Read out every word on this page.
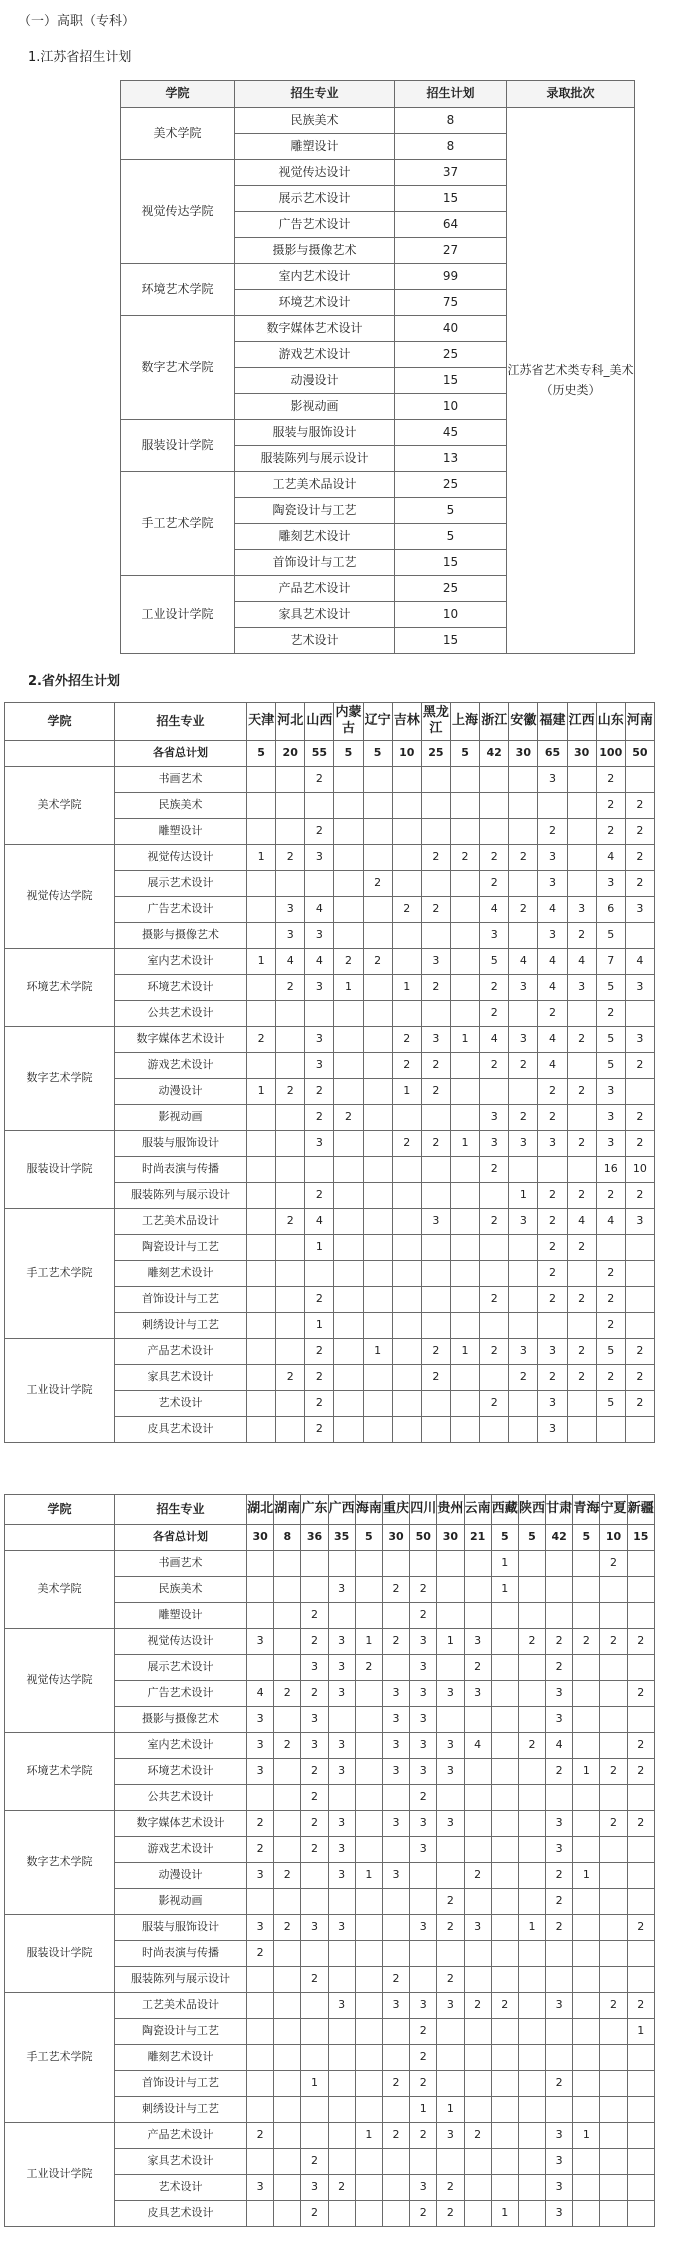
（一）高职（专科）
1.江苏省招生计划
学院	招生专业	招生计划	录取批次
美术学院	民族美术	8	江苏省艺术类专科_美术（历史类）
	雕塑设计	8	
视觉传达学院	视觉传达设计	37	
	展示艺术设计	15	
	广告艺术设计	64	
	摄影与摄像艺术	27	
环境艺术学院	室内艺术设计	99	
	环境艺术设计	75	
数字艺术学院	数字媒体艺术设计	40	
	游戏艺术设计	25	
	动漫设计	15	
	影视动画	10	
服装设计学院	服装与服饰设计	45	
	服装陈列与展示设计	13	
手工艺术学院	工艺美术品设计	25	
	陶瓷设计与工艺	5	
	雕刻艺术设计	5	
	首饰设计与工艺	15	
工业设计学院	产品艺术设计	25	
	家具艺术设计	10	
	艺术设计	15	
2.省外招生计划
学院	招生专业	天津	河北	山西	内蒙古	辽宁	吉林	黑龙江	上海	浙江	安徽	福建	江西	山东	河南
	各省总计划	5	20	55	5	5	10	25	5	42	30	65	30	100	50
美术学院	书画艺术			2								3		2	
	民族美术													2	2
	雕塑设计			2								2		2	2
视觉传达学院	视觉传达设计	1	2	3				2	2	2	2	3		4	2
	展示艺术设计					2				2		3		3	2
	广告艺术设计		3	4			2	2		4	2	4	3	6	3
	摄影与摄像艺术		3	3						3		3	2	5	
环境艺术学院	室内艺术设计	1	4	4	2	2		3		5	4	4	4	7	4
	环境艺术设计		2	3	1		1	2		2	3	4	3	5	3
	公共艺术设计									2		2		2	
数字艺术学院	数字媒体艺术设计	2		3			2	3	1	4	3	4	2	5	3
	游戏艺术设计			3			2	2		2	2	4		5	2
	动漫设计	1	2	2			1	2				2	2	3	
	影视动画			2	2					3	2	2		3	2
服装设计学院	服装与服饰设计			3			2	2	1	3	3	3	2	3	2
	时尚表演与传播									2				16	10
	服装陈列与展示设计			2							1	2	2	2	2
手工艺术学院	工艺美术品设计		2	4				3		2	3	2	4	4	3
	陶瓷设计与工艺			1								2	2		
	雕刻艺术设计											2		2	
	首饰设计与工艺			2						2		2	2	2	
	刺绣设计与工艺			1										2	
工业设计学院	产品艺术设计			2		1		2	1	2	3	3	2	5	2
	家具艺术设计		2	2				2			2	2	2	2	2
	艺术设计			2						2		3		5	2
	皮具艺术设计			2								3			
学院	招生专业	湖北	湖南	广东	广西	海南	重庆	四川	贵州	云南	西藏	陕西	甘肃	青海	宁夏	新疆
	各省总计划	30	8	36	35	5	30	50	30	21	5	5	42	5	10	15
美术学院	书画艺术										1				2	
	民族美术				3		2	2			1					
	雕塑设计			2				2								
视觉传达学院	视觉传达设计	3		2	3	1	2	3	1	3		2	2	2	2	2
	展示艺术设计			3	3	2		3		2			2			
	广告艺术设计	4	2	2	3		3	3	3	3			3			2
	摄影与摄像艺术	3		3			3	3					3			
环境艺术学院	室内艺术设计	3	2	3	3		3	3	3	4		2	4			2
	环境艺术设计	3		2	3		3	3	3				2	1	2	2
	公共艺术设计			2				2								
数字艺术学院	数字媒体艺术设计	2		2	3		3	3	3				3		2	2
	游戏艺术设计	2		2	3			3					3			
	动漫设计	3	2		3	1	3			2			2	1		
	影视动画								2				2			
服装设计学院	服装与服饰设计	3	2	3	3			3	2	3		1	2			2
	时尚表演与传播	2														
	服装陈列与展示设计			2			2		2							
手工艺术学院	工艺美术品设计				3		3	3	3	2	2		3		2	2
	陶瓷设计与工艺							2								1
	雕刻艺术设计							2								
	首饰设计与工艺			1			2	2					2			
	刺绣设计与工艺							1	1							
工业设计学院	产品艺术设计	2				1	2	2	3	2			3	1		
	家具艺术设计			2									3			
	艺术设计	3		3	2			3	2				3			
	皮具艺术设计			2				2	2		1		3			
